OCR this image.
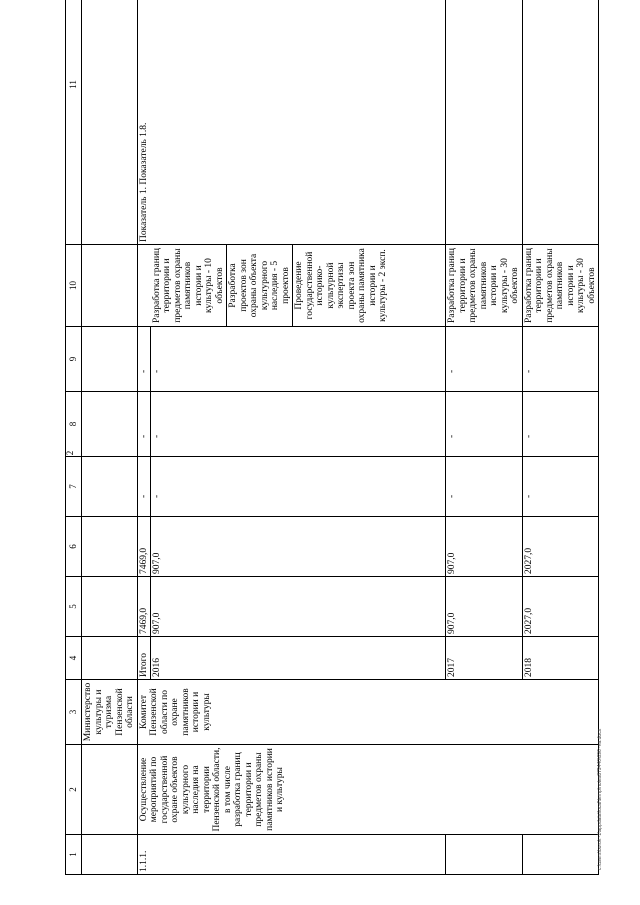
2
1	2	3	4	5	6	7	8	9	10	11
		Министерство культуры и туризма Пензенской области								
1.1.1.	Осуществление мероприятий по государственной охране объектов культурного наследия на территории Пензенской области, в том числе разработка границ территории и предметов охраны памятников истории и культуры	Комитет Пензенской области по охране памятников истории и культуры	Итого	7469,0	7469,0	-	-	-		Показатель 1. Показатель 1.8.
			2016	907,0	907,0	-	-	-	Разработка границ территории и предметов охраны памятников истории и культуры - 10 объектов Разработка проектов зон охраны объекта культурного наследия - 5 проектов Проведение государственной историко-культурной экспертизы проекта зон охраны памятника истории и культуры - 2 эксп.	

			2017	907,0	907,0	-	-	-	Разработка границ территории и предметов охраны памятников истории и культуры - 30 объектов	
			2018	2027,0	2027,0	-	-	-	Разработка границ территории и предметов охраны памятников истории и культуры - 30 объектов	
c:\users\borok~1\appdata\local\temp\notes879440\696~на.docx
